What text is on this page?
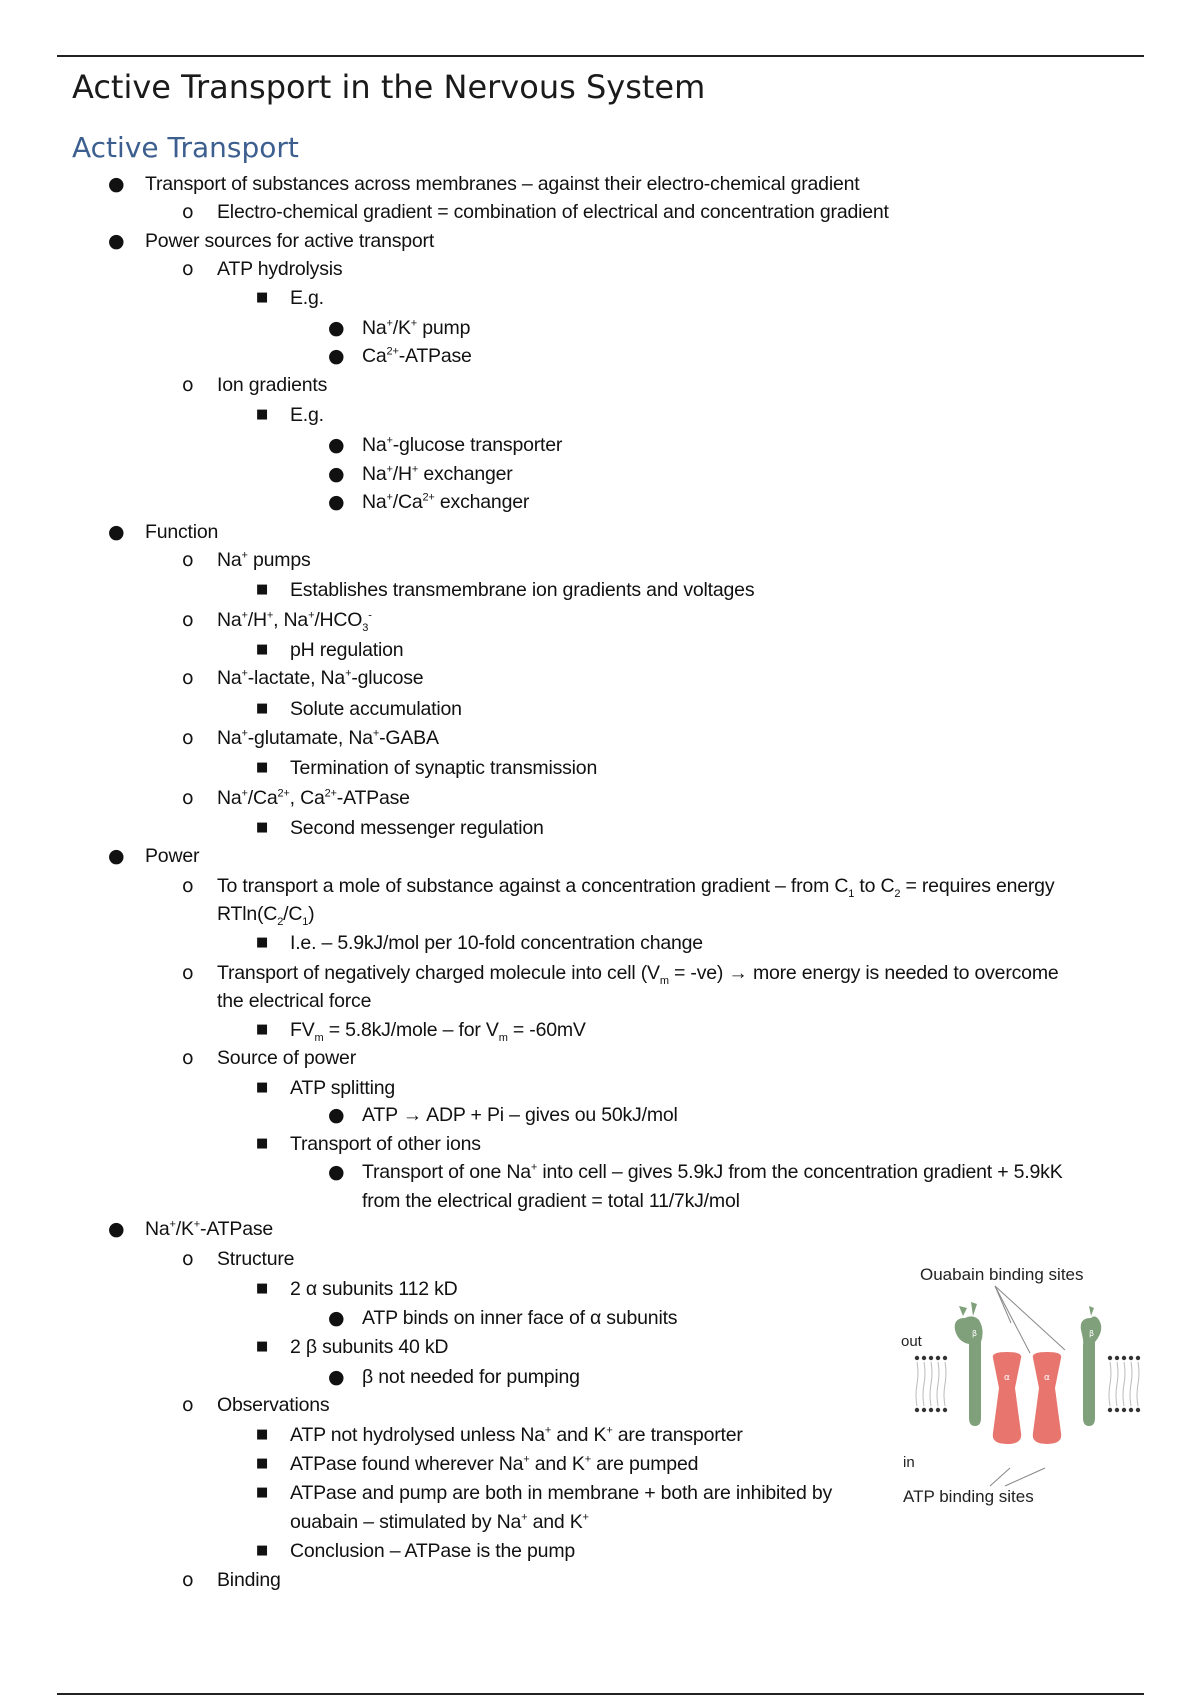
Active Transport in the Nervous System
Active Transport
● Transport of substances across membranes – against their electro-chemical gradient
o Electro-chemical gradient = combination of electrical and concentration gradient
● Power sources for active transport
o ATP hydrolysis
■ E.g.
● Na+/K+ pump
● $Ca^{2+}$-ATPase
o Ion gradients
■ E.g.
● Na+-glucose transporter
● Na+/H+ exchanger
● $Na^+/Ca^{2+}$ exchanger
● Function
o Na+ pumps
■ Establishes transmembrane ion gradients and voltages
o Na+/H+, $Na^+/HCO_3^-$
■ pH regulation
o Na+-lactate, Na+-glucose
■ Solute accumulation
o Na+-glutamate, Na+-GABA
■ Termination of synaptic transmission
o $Na^+/Ca^{2+}$, $Ca^{2+}$-ATPase
■ Second messenger regulation
● Power
o To transport a mole of substance against a concentration gradient – from $C_1$ to $C_2$ = requires energy
$RTln(C_2/C_1)$
■ I.e. – 5.9kJ/mol per 10-fold concentration change
o Transport of negatively charged molecule into cell $(V_m = -ve)$ → more energy is needed to overcome
the electrical force
■ $FV_m$ = 5.8kJ/mole – for $V_m = -60mV$
o Source of power
■ ATP splitting
● ATP → ADP + Pi – gives ou 50kJ/mol
■ Transport of other ions
● Transport of one Na+ into cell – gives 5.9kJ from the concentration gradient + 5.9kK
from the electrical gradient = total 11/7kJ/mol
● Na+/K+-ATPase
o Structure
■ 2 α subunits 112 kD
● ATP binds on inner face of α subunits
■ 2 β subunits 40 kD
● β not needed for pumping
o Observations
■ ATP not hydrolysed unless Na+ and K+ are transporter
■ ATPase found wherever Na+ and K+ are pumped
■ ATPase and pump are both in membrane + both are inhibited by
ouabain – stimulated by Na+ and K+
■ Conclusion – ATPase is the pump
o Binding
Ouabain binding sites
out
in
ATP binding sites
α	α
β	β
